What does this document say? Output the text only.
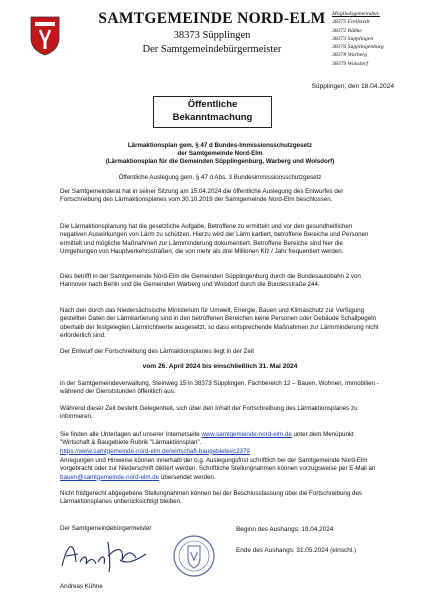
SAMTGEMEINDE NORD-ELM
38373 Süpplingen
Der Samtgemeindebürgermeister
Mitgliedsgemeinden:
38375 Frellstedt
38372 Räbke
38373 Süpplingen
38376 Süpplingenburg
38378 Warberg
38379 Wolsdorf
Süpplingen, den 18.04.2024
Öffentliche
Bekanntmachung
Lärmaktionsplan gem. § 47 d Bundes-Immissionsschutzgesetz
der Samtgemeinde Nord-Elm
(Lärmaktionsplan für die Gemeinden Süpplingenburg, Warberg und Wolsdorf)
Öffentliche Auslegung gem. § 47 d Abs. 3 Bundesimmissionsschutzgesetz
Der Samtgemeinderat hat in seiner Sitzung am 15.04.2024 die öffentliche Auslegung des Entwurfes der Fortschreibung des Lärmaktionsplanes vom 30.10.2019 der Samtgemeinde Nord-Elm beschlossen.
Die Lärmaktionsplanung hat die gesetzliche Aufgabe, Betroffene zu ermitteln und vor den gesundheitlichen negativen Auswirkungen von Lärm zu schützen. Hierzu wird der Lärm kartiert, betroffene Bereiche und Personen ermittelt und mögliche Maßnahmen zur Lärmminderung dokumentiert. Betroffene Bereiche sind hier die Umgebungen von Hauptverkehrsstraßen, die von mehr als drei Millionen Kfz / Jahr frequentiert werden.
Dies betrifft in der Samtgemeinde Nord-Elm die Gemeinden Süpplingenburg durch die Bundesautobahn 2 von Hannover nach Berlin und die Gemeinden Warberg und Wolsdorf durch die Bundesstraße 244.
Nach den durch das Niedersächsische Ministerium für Umwelt, Energie, Bauen und Klimaschutz zur Verfügung gestellten Daten der Lärmkartierung sind in den betroffenen Bereichen keine Personen oder Gebäude Schallpegeln oberhalb der festgelegten Lärmrichtwerte ausgesetzt, so dass entsprechende Maßnahmen zur Lärmminderung nicht erforderlich sind.
Der Entwurf der Fortschreibung des Lärmaktionsplanes liegt in der Zeit
vom 26. April 2024 bis einschließlich 31. Mai 2024
in der Samtgemeindeverwaltung, Steinweg 15 in 38373 Süpplingen, Fachbereich 12 – Bauen, Wohnen, Immobilien - während der Dienststunden öffentlich aus.
Während dieser Zeit besteht Gelegenheit, sich über den Inhalt der Fortschreibung des Lärmaktionsplanes zu informieren.
Sie finden alle Unterlagen auf unserer Internetseite www.samtgemeinde-nord-elm.de unter dem Menüpunkt "Wirtschaft & Baugebiete Rubrik "Lärmaktionsplan".
https://www.samtgemeinde-nord-elm.de/wirtschaft-baugebiete#c2379
Anregungen und Hinweise können innerhalb der o.g. Auslegungsfrist schriftlich bei der Samtgemeinde Nord-Elm vorgebracht oder zur Niederschrift diktiert werden. Schriftliche Stellungnahmen können vorzugsweise per E-Mail an bauen@samtgemeinde-nord-elm.de übersendet werden.
Nicht fristgerecht abgegebene Stellungnahmen können bei der Beschlussfassung über die Fortschreibung des Lärmaktionsplanes unberücksichtigt bleiben.
Der Samtgemeindebürgermeister
Andreas Kühne
Beginn des Aushangs: 19.04.2024
Ende des Aushangs: 31.05.2024 (einschl.)
